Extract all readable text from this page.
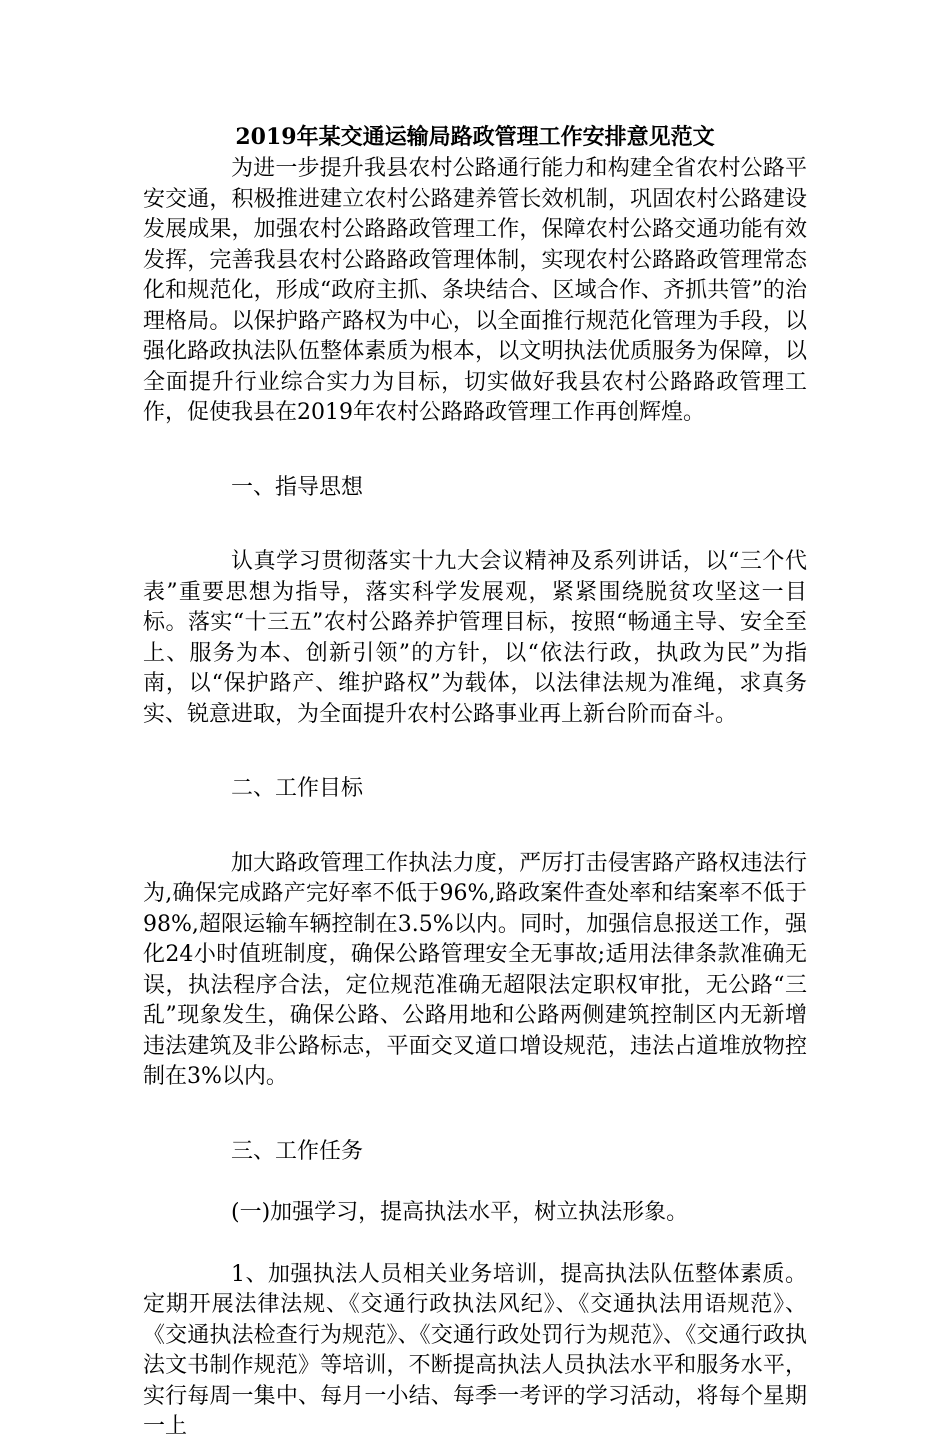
2019年某交通运输局路政管理工作安排意见范文

为进一步提升我县农村公路通行能力和构建全省农村公路平安交通，积极推进建立农村公路建养管长效机制，巩固农村公路建设发展成果，加强农村公路路政管理工作，保障农村公路交通功能有效发挥，完善我县农村公路路政管理体制，实现农村公路路政管理常态化和规范化，形成“政府主抓、条块结合、区域合作、齐抓共管”的治理格局。以保护路产路权为中心，以全面推行规范化管理为手段，以强化路政执法队伍整体素质为根本，以文明执法优质服务为保障，以全面提升行业综合实力为目标，切实做好我县农村公路路政管理工作，促使我县在2019年农村公路路政管理工作再创辉煌。

一、指导思想

认真学习贯彻落实十九大会议精神及系列讲话，以“三个代表”重要思想为指导，落实科学发展观，紧紧围绕脱贫攻坚这一目标。落实“十三五”农村公路养护管理目标，按照“畅通主导、安全至上、服务为本、创新引领”的方针，以“依法行政，执政为民”为指南，以“保护路产、维护路权”为载体，以法律法规为准绳，求真务实、锐意进取，为全面提升农村公路事业再上新台阶而奋斗。

二、工作目标

加大路政管理工作执法力度，严厉打击侵害路产路权违法行为,确保完成路产完好率不低于96%,路政案件查处率和结案率不低于98%,超限运输车辆控制在3.5%以内。同时，加强信息报送工作，强化24小时值班制度，确保公路管理安全无事故;适用法律条款准确无误，执法程序合法，定位规范准确无超限法定职权审批，无公路“三乱”现象发生，确保公路、公路用地和公路两侧建筑控制区内无新增违法建筑及非公路标志，平面交叉道口增设规范，违法占道堆放物控制在3%以内。

三、工作任务

(一)加强学习，提高执法水平，树立执法形象。

1、加强执法人员相关业务培训，提高执法队伍整体素质。定期开展法律法规、《交通行政执法风纪》、《交通执法用语规范》、《交通执法检查行为规范》、《交通行政处罚行为规范》、《交通行政执法文书制作规范》等培训，不断提高执法人员执法水平和服务水平，实行每周一集中、每月一小结、每季一考评的学习活动，将每个星期一上
